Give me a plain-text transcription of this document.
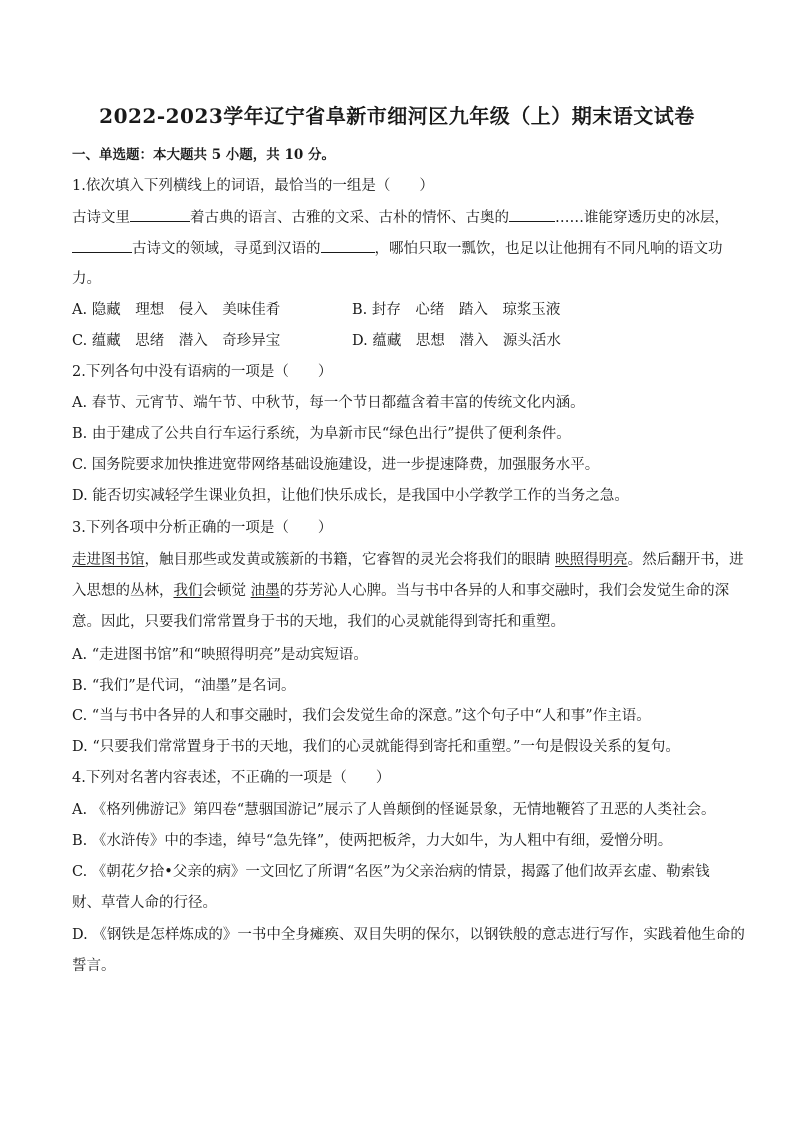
2022-2023学年辽宁省阜新市细河区九年级（上）期末语文试卷
一、单选题：本大题共 5 小题，共 10 分。
1.依次填入下列横线上的词语，最恰当的一组是（　　）
古诗文里	着古典的语言、古雅的文采、古朴的情怀、古奥的	……谁能穿透历史的冰层，
古诗文的领域，寻觅到汉语的	，哪怕只取一瓢饮，也足以让他拥有不同凡响的语文功
力。
A. 隐藏　理想　侵入　美味佳肴	B. 封存　心绪　踏入　琼浆玉液
C. 蕴藏　思绪　潜入　奇珍异宝	D. 蕴藏　思想　潜入　源头活水
2.下列各句中没有语病的一项是（　　）
A. 春节、元宵节、端午节、中秋节，每一个节日都蕴含着丰富的传统文化内涵。
B. 由于建成了公共自行车运行系统，为阜新市民“绿色出行”提供了便利条件。
C. 国务院要求加快推进宽带网络基础设施建设，进一步提速降费，加强服务水平。
D. 能否切实减轻学生课业负担，让他们快乐成长，是我国中小学教学工作的当务之急。
3.下列各项中分析正确的一项是（　　）
走进图书馆，触目那些或发黄或簇新的书籍，它睿智的灵光会将我们的眼睛 映照得明亮。然后翻开书，进
入思想的丛林，我们会顿觉 油墨的芬芳沁人心脾。当与书中各异的人和事交融时，我们会发觉生命的深
意。因此，只要我们常常置身于书的天地，我们的心灵就能得到寄托和重塑。
A. “走进图书馆”和“映照得明亮”是动宾短语。
B. “我们”是代词，“油墨”是名词。
C. “当与书中各异的人和事交融时，我们会发觉生命的深意。”这个句子中“人和事”作主语。
D. “只要我们常常置身于书的天地，我们的心灵就能得到寄托和重塑。”一句是假设关系的复句。
4.下列对名著内容表述，不正确的一项是（　　）
A. 《格列佛游记》第四卷“慧骃国游记”展示了人兽颠倒的怪诞景象，无情地鞭笞了丑恶的人类社会。
B. 《水浒传》中的李逵，绰号“急先锋”，使两把板斧，力大如牛，为人粗中有细，爱憎分明。
C. 《朝花夕拾•父亲的病》一文回忆了所谓“名医”为父亲治病的情景，揭露了他们故弄玄虚、勒索钱
财、草菅人命的行径。
D. 《钢铁是怎样炼成的》一书中全身瘫痪、双目失明的保尔，以钢铁般的意志进行写作，实践着他生命的
誓言。
